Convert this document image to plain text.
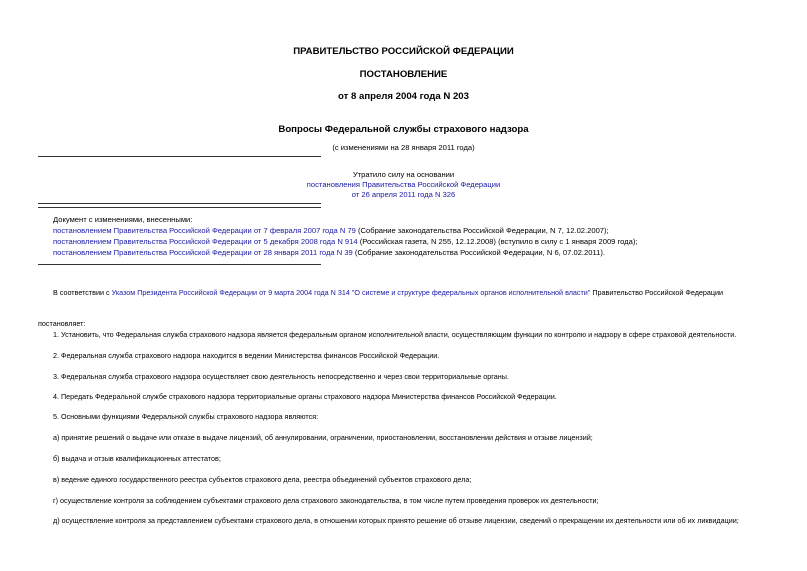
ПРАВИТЕЛЬСТВО РОССИЙСКОЙ ФЕДЕРАЦИИ
ПОСТАНОВЛЕНИЕ
от 8 апреля 2004 года N 203
Вопросы Федеральной службы страхового надзора
(с изменениями на 28 января 2011 года)
Утратило силу на основании
постановления Правительства Российской Федерации
от 26 апреля 2011 года N 326
Документ с изменениями, внесенными:
постановлением Правительства Российской Федерации от 7 февраля 2007 года N 79 (Собрание законодательства Российской Федерации, N 7, 12.02.2007);
постановлением Правительства Российской Федерации от 5 декабря 2008 года N 914 (Российская газета, N 255, 12.12.2008) (вступило в силу с 1 января 2009 года);
постановлением Правительства Российской Федерации от 28 января 2011 года N 39 (Собрание законодательства Российской Федерации, N 6, 07.02.2011).
В соответствии с Указом Президента Российской Федерации от 9 марта 2004 года N 314 "О системе и структуре федеральных органов исполнительной власти" Правительство Российской Федерации
постановляет:
1. Установить, что Федеральная служба страхового надзора является федеральным органом исполнительной власти, осуществляющим функции по контролю и надзору в сфере страховой деятельности.
2. Федеральная служба страхового надзора находится в ведении Министерства финансов Российской Федерации.
3. Федеральная служба страхового надзора осуществляет свою деятельность непосредственно и через свои территориальные органы.
4. Передать Федеральной службе страхового надзора территориальные органы страхового надзора Министерства финансов Российской Федерации.
5. Основными функциями Федеральной службы страхового надзора являются:
а) принятие решений о выдаче или отказе в выдаче лицензий, об аннулировании, ограничении, приостановлении, восстановлении действия и отзыве лицензий;
б) выдача и отзыв квалификационных аттестатов;
в) ведение единого государственного реестра субъектов страхового дела, реестра объединений субъектов страхового дела;
г) осуществление контроля за соблюдением субъектами страхового дела страхового законодательства, в том числе путем проведения проверок их деятельности;
д) осуществление контроля за представлением субъектами страхового дела, в отношении которых принято решение об отзыве лицензии, сведений о прекращении их деятельности или об их ликвидации;
